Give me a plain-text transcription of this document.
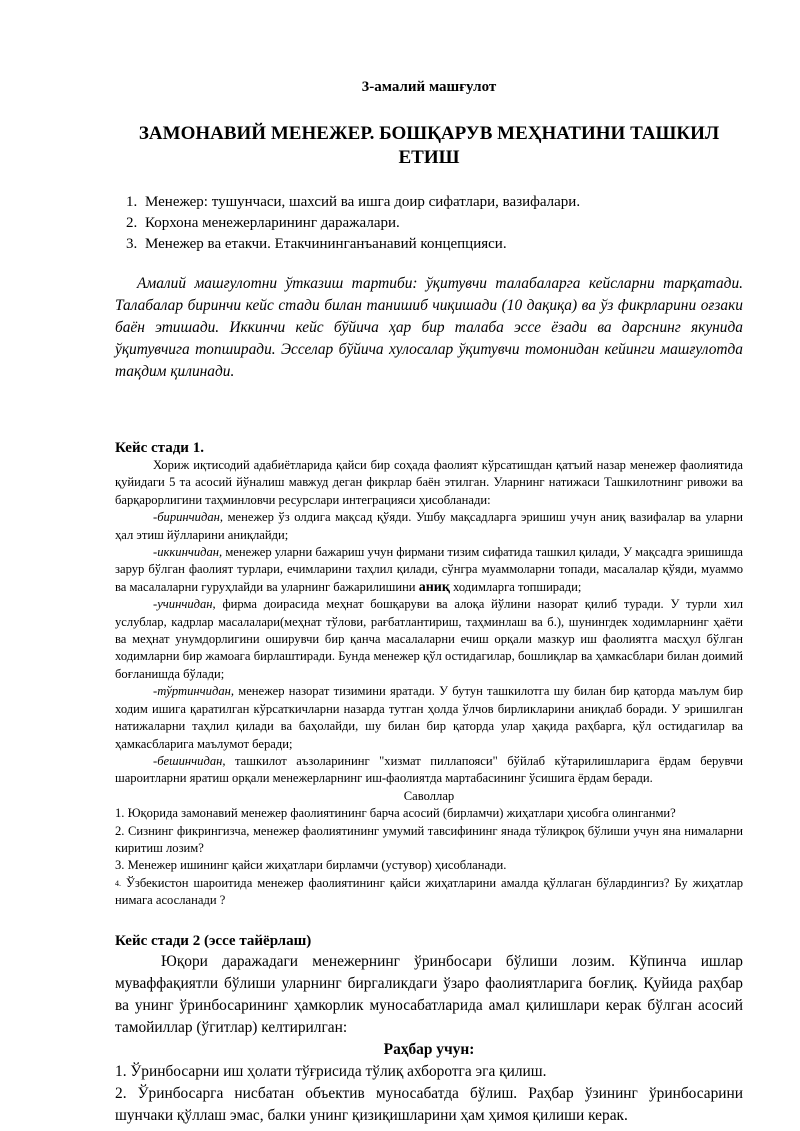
3-амалий машғулот

ЗАМОНАВИЙ МЕНЕЖЕР. БОШҚАРУВ МЕҲНАТИНИ ТАШКИЛ ЕТИШ

1. Менежер: тушунчаси, шахсий ва ишга доир сифатлари, вазифалари.
2. Корхона менежерларининг даражалари.
3. Менежер ва етакчи. Етакчининганъанавий концепцияси.

Амалий машғулотни ўтказиш тартиби: ўқитувчи талабаларга кейсларни тарқатади. Талабалар биринчи кейс стади билан танишиб чиқишади (10 дақиқа) ва ўз фикрларини оғзаки баён этишади. Иккинчи кейс бўйича ҳар бир талаба эссе ёзади ва дарснинг якунида ўқитувчига топширади. Эсселар бўйича хулосалар ўқитувчи томонидан кейинги машғулотда тақдим қилинади.

Кейс стади 1.

Хориж иқтисодий адабиётларида қайси бир соҳада фаолият кўрсатишдан қатъий назар менежер фаолиятида қуйидаги 5 та асосий йўналиш мавжуд деган фикрлар баён этилган. Уларнинг натижаси Ташкилотнинг ривожи ва барқарорлигини таҳминловчи ресурслари интеграцияси ҳисобланади:

-биринчидан, менежер ўз олдига мақсад қўяди. Ушбу мақсадларга эришиш учун аниқ вазифалар ва уларни ҳал этиш йўлларини аниқлайди;

-иккинчидан, менежер уларни бажариш учун фирмани тизим сифатида ташкил қилади, У мақсадга эришишда зарур бўлган фаолият турлари, ечимларини таҳлил қилади, сўнгра муаммоларни топади, масалалар қўяди, муаммо ва масалаларни гуруҳлайди ва уларнинг бажарилишини аниқ ходимларга топширади;

-учинчидан, фирма доирасида меҳнат бошқаруви ва алоқа йўлини назорат қилиб туради. У турли хил услублар, кадрлар масалалари(меҳнат тўлови, рағбатлантириш, таҳминлаш ва б.), шунингдек ходимларнинг ҳаёти ва меҳнат унумдорлигини оширувчи бир қанча масалаларни ечиш орқали мазкур иш фаолиятга масҳул бўлган ходимларни бир жамоага бирлаштиради. Бунда менежер қўл остидагилар, бошлиқлар ва ҳамкасблари билан доимий боғланишда бўлади;

-тўртинчидан, менежер назорат тизимини яратади. У бутун ташкилотга шу билан бир қаторда маълум бир ходим ишига қаратилган кўрсаткичларни назарда тутган ҳолда ўлчов бирликларини аниқлаб боради. У эришилган натижаларни таҳлил қилади ва баҳолайди, шу билан бир қаторда улар ҳақида раҳбарга, қўл остидагилар ва ҳамкасбларига маълумот беради;

-бешинчидан, ташкилот аъзоларининг "хизмат пиллапояси" бўйлаб кўтарилишларига ёрдам берувчи шароитларни яратиш орқали менежерларнинг иш-фаолиятда мартабасининг ўсишига ёрдам беради.

Саволлар

1. Юқорида замонавий менежер фаолиятининг барча асосий (бирламчи) жиҳатлари ҳисобга олинганми?

2. Сизнинг фикрингизча, менежер фаолиятининг умумий тавсифининг янада тўлиқроқ бўлиши учун яна нималарни киритиш лозим?

3. Менежер ишининг қайси жиҳатлари бирламчи (устувор) ҳисобланади.

4. Ўзбекистон шароитида менежер фаолиятининг қайси жиҳатларини амалда қўллаган бўлардингиз? Бу жиҳатлар нимага асосланади ?

Кейс стади 2 (эссе тайёрлаш)

Юқори даражадаги менежернинг ўринбосари бўлиши лозим. Кўпинча ишлар муваффақиятли бўлиши уларнинг биргаликдаги ўзаро фаолиятларига боғлиқ. Қуйида раҳбар ва унинг ўринбосарининг ҳамкорлик муносабатларида амал қилишлари керак бўлган асосий тамойиллар (ўгитлар) келтирилган:

Раҳбар учун:

1. Ўринбосарни иш ҳолати тўғрисида тўлиқ ахборотга эга қилиш.

2. Ўринбосарга нисбатан объектив муносабатда бўлиш. Раҳбар ўзининг ўринбосарини шунчаки қўллаш эмас, балки унинг қизиқишларини ҳам ҳимоя қилиши керак.
